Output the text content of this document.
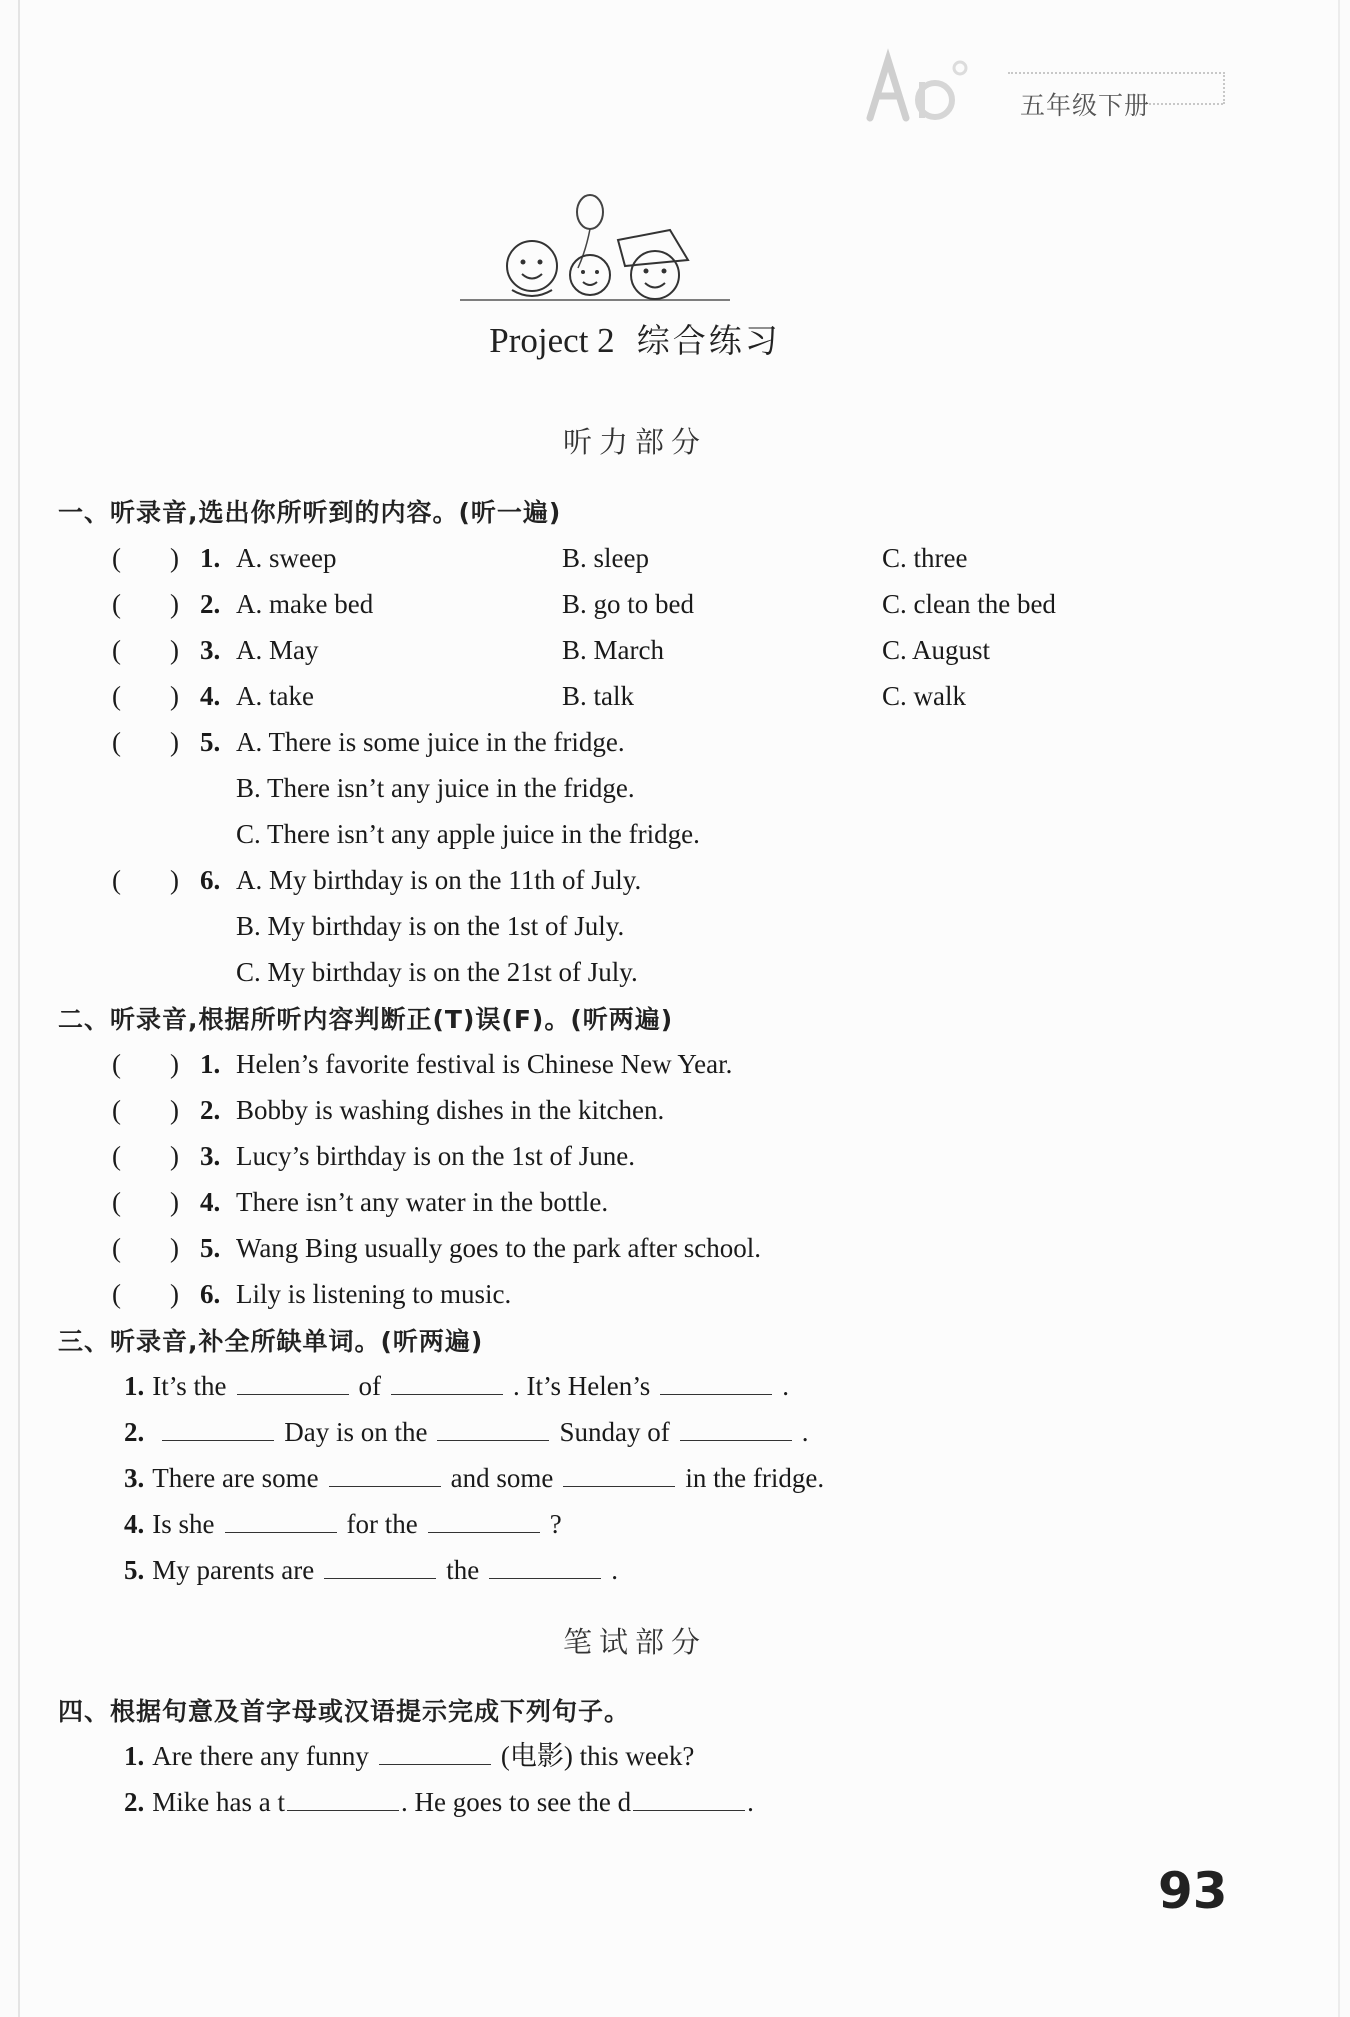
五年级下册
Project 2 综合练习
听力部分
一、听录音,选出你所听到的内容。(听一遍)
( ) 1. A. sweep	B. sleep	C. three
( ) 2. A. make bed	B. go to bed	C. clean the bed
( ) 3. A. May	B. March	C. August
( ) 4. A. take	B. talk	C. walk
( ) 5. A. There is some juice in the fridge.
B. There isn’t any juice in the fridge.
C. There isn’t any apple juice in the fridge.
( ) 6. A. My birthday is on the 11th of July.
B. My birthday is on the 1st of July.
C. My birthday is on the 21st of July.
二、听录音,根据所听内容判断正(T)误(F)。(听两遍)
( ) 1. Helen’s favorite festival is Chinese New Year.
( ) 2. Bobby is washing dishes in the kitchen.
( ) 3. Lucy’s birthday is on the 1st of June.
( ) 4. There isn’t any water in the bottle.
( ) 5. Wang Bing usually goes to the park after school.
( ) 6. Lily is listening to music.
三、听录音,补全所缺单词。(听两遍)
1. It’s the	of	. It’s Helen’s	.
2.	Day is on the	Sunday of	.
3. There are some	and some	in the fridge.
4. Is she	for the	?
5. My parents are	the	.
笔试部分
四、根据句意及首字母或汉语提示完成下列句子。
1. Are there any funny	(电影) this week?
2. Mike has a t	. He goes to see the d	.
93
